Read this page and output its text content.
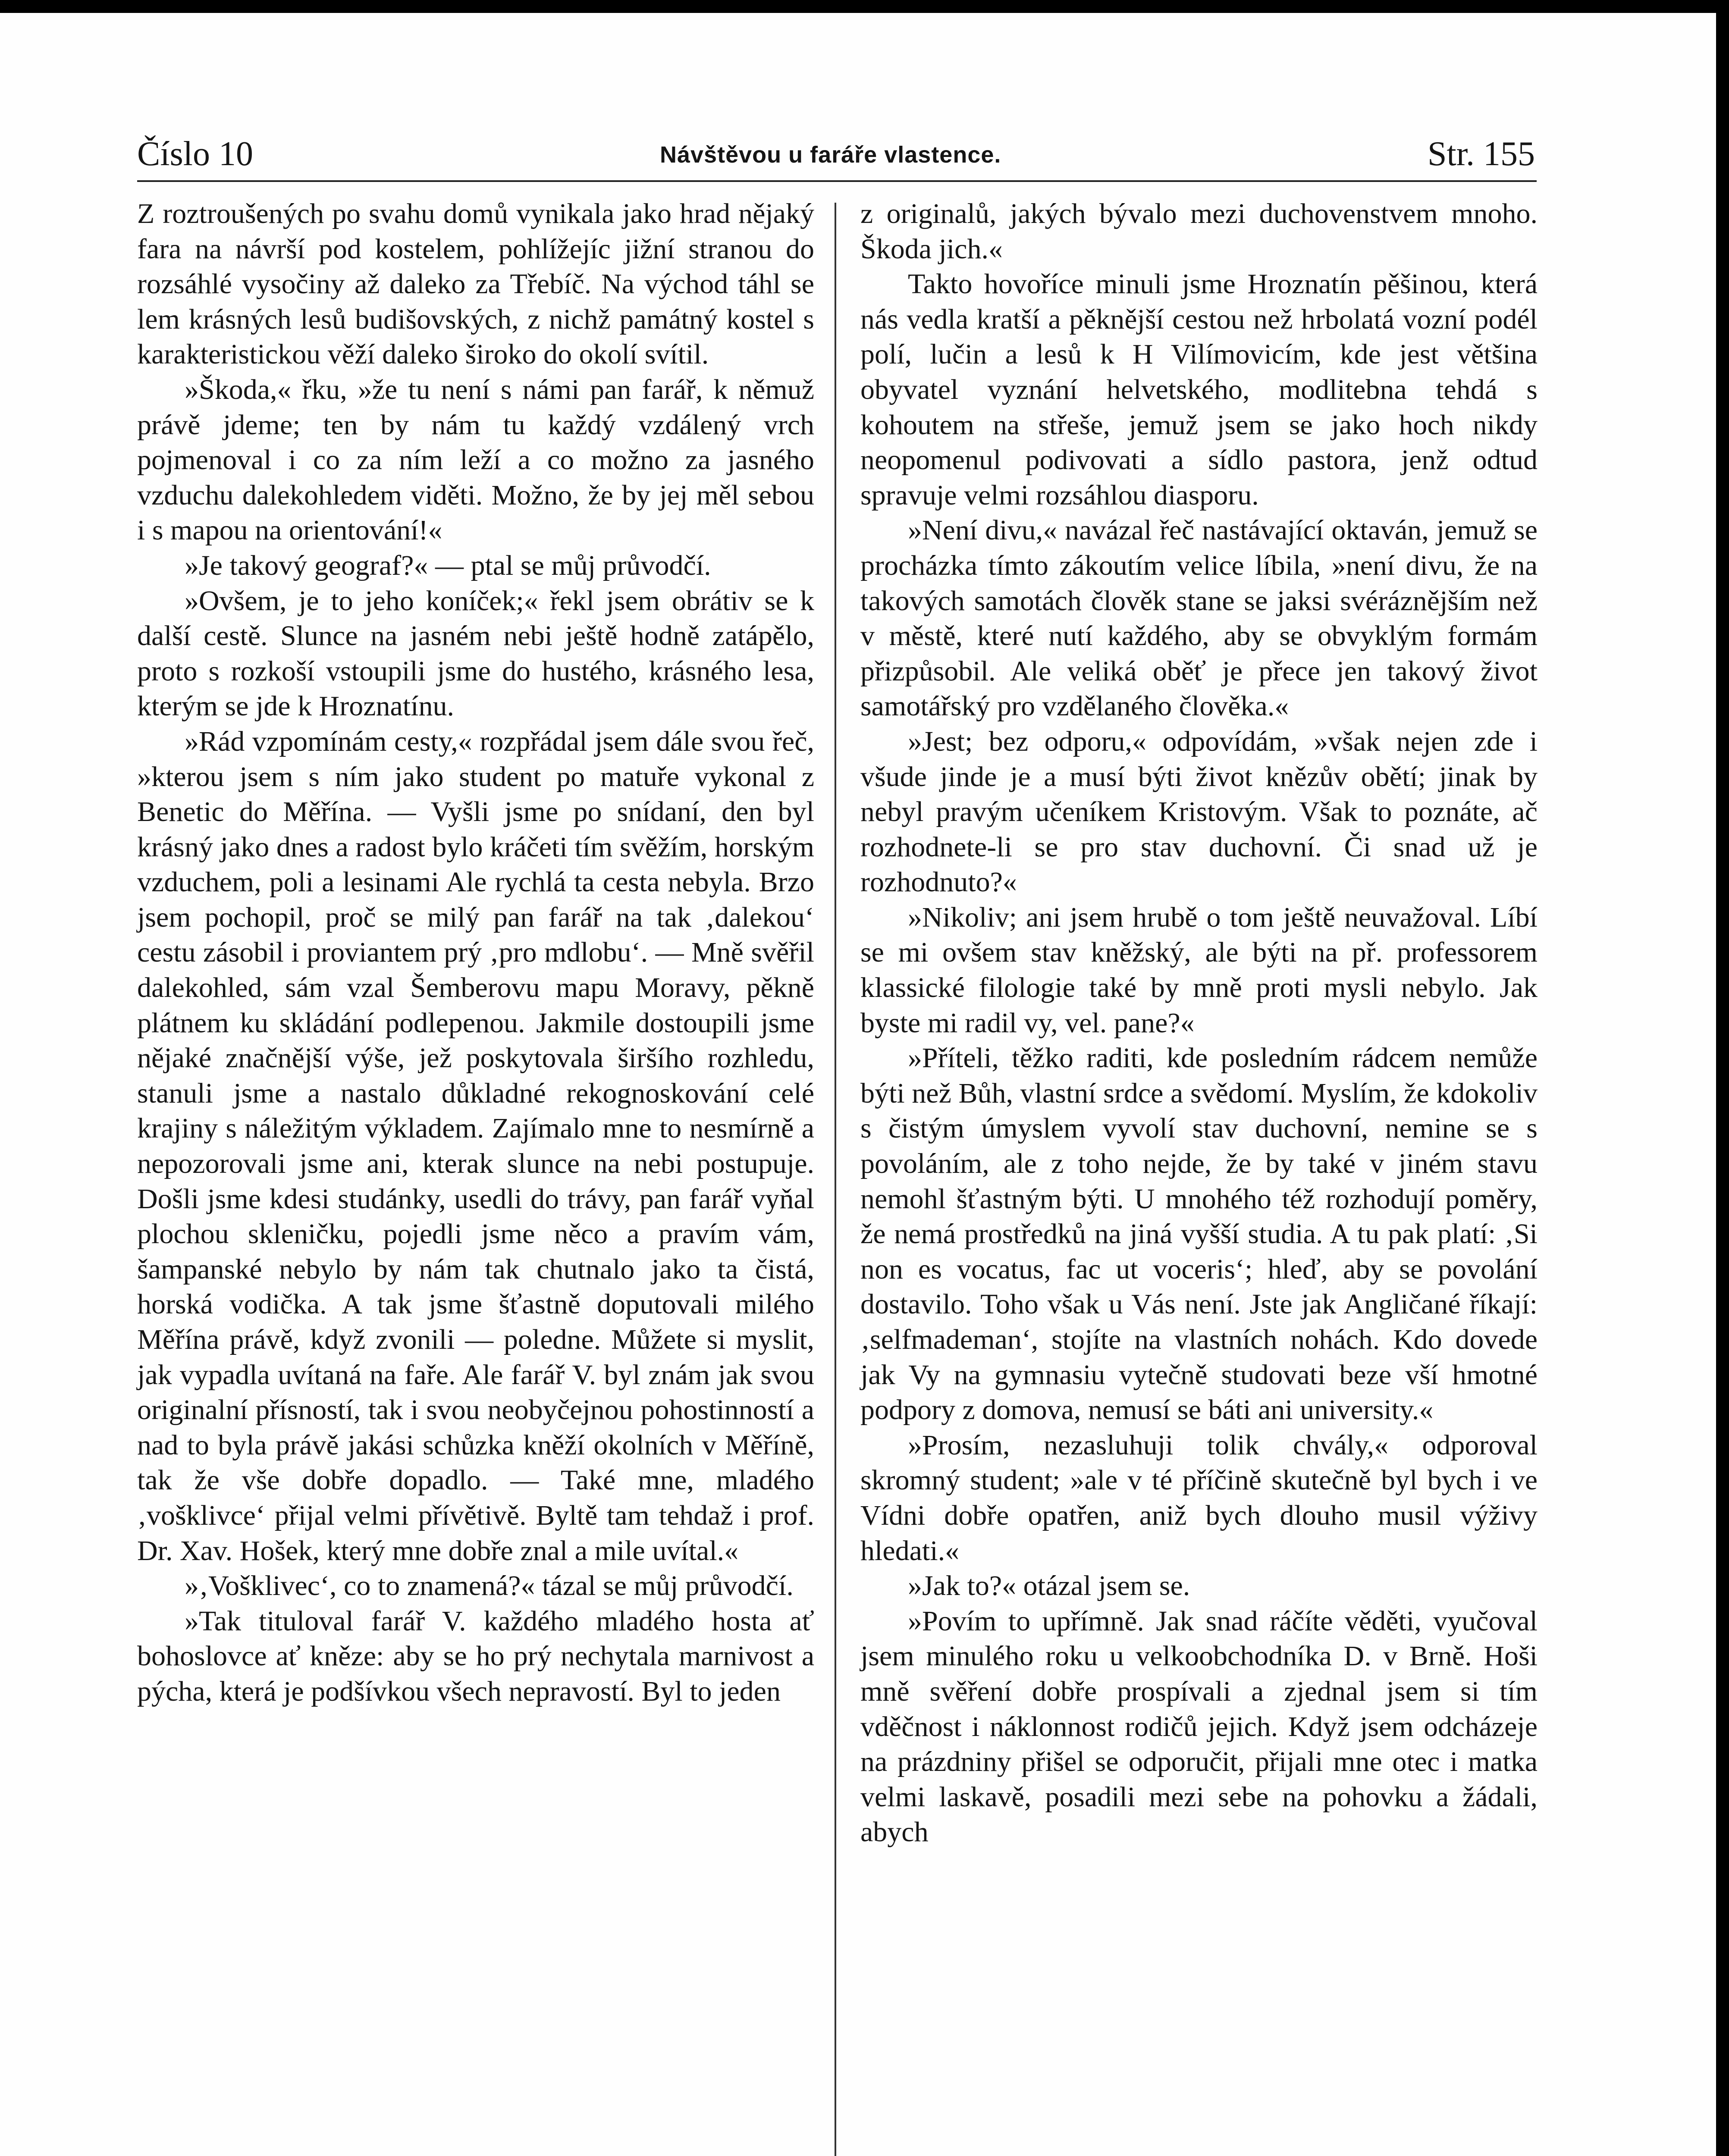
Číslo 10	Návštěvou u faráře vlastence.	Str. 155

Z roztroušených po svahu domů vynikala jako hrad nějaký fara na návrší pod kostelem, pohlížejíc jižní stranou do rozsáhlé vysočiny až daleko za Třebíč. Na východ táhl se lem krásných lesů budišovských, z nichž památný kostel s karakteristickou věží daleko široko do okolí svítil.

»Škoda,« řku, »že tu není s námi pan farář, k němuž právě jdeme; ten by nám tu každý vzdálený vrch pojmenoval i co za ním leží a co možno za jasného vzduchu dalekohledem viděti. Možno, že by jej měl sebou i s mapou na orientování!«

»Je takový geograf?« — ptal se můj průvodčí.

»Ovšem, je to jeho koníček;« řekl jsem obrátiv se k další cestě. Slunce na jasném nebi ještě hodně zatápělo, proto s rozkoší vstoupili jsme do hustého, krásného lesa, kterým se jde k Hroznatínu.

»Rád vzpomínám cesty,« rozpřádal jsem dále svou řeč, »kterou jsem s ním jako student po matuře vykonal z Benetic do Měřína. — Vyšli jsme po snídaní, den byl krásný jako dnes a radost bylo kráčeti tím svěžím, horským vzduchem, poli a lesinami Ale rychlá ta cesta nebyla. Brzo jsem pochopil, proč se milý pan farář na tak ‚dalekou‘ cestu zásobil i proviantem prý ‚pro mdlobu‘. — Mně svěřil dalekohled, sám vzal Šemberovu mapu Moravy, pěkně plátnem ku skládání podlepenou. Jakmile dostoupili jsme nějaké značnější výše, jež poskytovala širšího rozhledu, stanuli jsme a nastalo důkladné rekognoskování celé krajiny s náležitým výkladem. Zajímalo mne to nesmírně a nepozorovali jsme ani, kterak slunce na nebi postupuje. Došli jsme kdesi studánky, usedli do trávy, pan farář vyňal plochou skleničku, pojedli jsme něco a pravím vám, šampanské nebylo by nám tak chutnalo jako ta čistá, horská vodička. A tak jsme šťastně doputovali milého Měřína právě, když zvonili — poledne. Můžete si myslit, jak vypadla uvítaná na faře. Ale farář V. byl znám jak svou originalní přísností, tak i svou neobyčejnou pohostinností a nad to byla právě jakási schůzka kněží okolních v Měříně, tak že vše dobře dopadlo. — Také mne, mladého ‚vošklivce‘ přijal velmi přívětivě. Byltě tam tehdaž i prof. Dr. Xav. Hošek, který mne dobře znal a mile uvítal.«

»‚Vošklivec‘, co to znamená?« tázal se můj průvodčí.

»Tak tituloval farář V. každého mladého hosta ať bohoslovce ať kněze: aby se ho prý nechytala marnivost a pýcha, která je podšívkou všech nepravostí. Byl to jeden

z originalů, jakých bývalo mezi duchovenstvem mnoho. Škoda jich.«

Takto hovoříce minuli jsme Hroznatín pěšinou, která nás vedla kratší a pěknější cestou než hrbolatá vozní podél polí, lučin a lesů k H Vilímovicím, kde jest většina obyvatel vyznání helvetského, modlitebna tehdá s kohoutem na střeše, jemuž jsem se jako hoch nikdy neopomenul podivovati a sídlo pastora, jenž odtud spravuje velmi rozsáhlou diasporu.

»Není divu,« navázal řeč nastávající oktaván, jemuž se procházka tímto zákoutím velice líbila, »není divu, že na takových samotách člověk stane se jaksi svéráznějším než v městě, které nutí každého, aby se obvyklým formám přizpůsobil. Ale veliká oběť je přece jen takový život samotářský pro vzdělaného člověka.«

»Jest; bez odporu,« odpovídám, »však nejen zde i všude jinde je a musí býti život knězův obětí; jinak by nebyl pravým učeníkem Kristovým. Však to poznáte, ač rozhodnete-li se pro stav duchovní. Či snad už je rozhodnuto?«

»Nikoliv; ani jsem hrubě o tom ještě neuvažoval. Líbí se mi ovšem stav kněžský, ale býti na př. professorem klassické filologie také by mně proti mysli nebylo. Jak byste mi radil vy, vel. pane?«

»Příteli, těžko raditi, kde posledním rádcem nemůže býti než Bůh, vlastní srdce a svědomí. Myslím, že kdokoliv s čistým úmyslem vyvolí stav duchovní, nemine se s povoláním, ale z toho nejde, že by také v jiném stavu nemohl šťastným býti. U mnohého též rozhodují poměry, že nemá prostředků na jiná vyšší studia. A tu pak platí: ‚Si non es vocatus, fac ut voceris‘; hleď, aby se povolání dostavilo. Toho však u Vás není. Jste jak Angličané říkají: ‚selfmademan‘, stojíte na vlastních nohách. Kdo dovede jak Vy na gymnasiu vytečně studovati beze vší hmotné podpory z domova, nemusí se báti ani university.«

»Prosím, nezasluhuji tolik chvály,« odporoval skromný student; »ale v té příčině skutečně byl bych i ve Vídni dobře opatřen, aniž bych dlouho musil výživy hledati.«

»Jak to?« otázal jsem se.

»Povím to upřímně. Jak snad ráčíte věděti, vyučoval jsem minulého roku u velkoobchodníka D. v Brně. Hoši mně svěření dobře prospívali a zjednal jsem si tím vděčnost i náklonnost rodičů jejich. Když jsem odcházeje na prázdniny přišel se odporučit, přijali mne otec i matka velmi laskavě, posadili mezi sebe na pohovku a žádali, abych
